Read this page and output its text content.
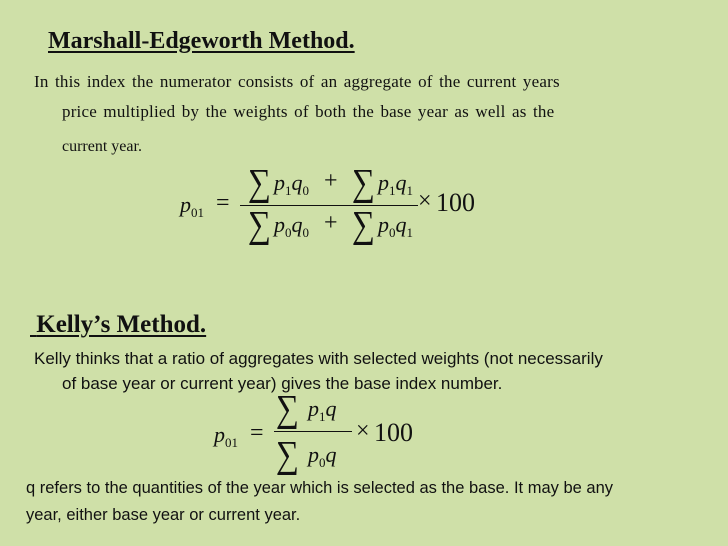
Marshall-Edgeworth Method.
In this index the numerator consists of an aggregate of the current years
price multiplied by the weights of both the base year as well as the
current year.
$p_{01}$ = ∑ $p_1q_0$ + ∑ $p_1q_1$
∑ $p_0q_0$ + ∑ $p_0q_1$
× 100
Kelly’s Method.
Kelly thinks that a ratio of aggregates with selected weights (not necessarily
of base year or current year) gives the base index number.
$p_{01}$ =
∑ $p_1q$
∑ $p_0q$
× 100
q refers to the quantities of the year which is selected as the base. It may be any
year, either base year or current year.
